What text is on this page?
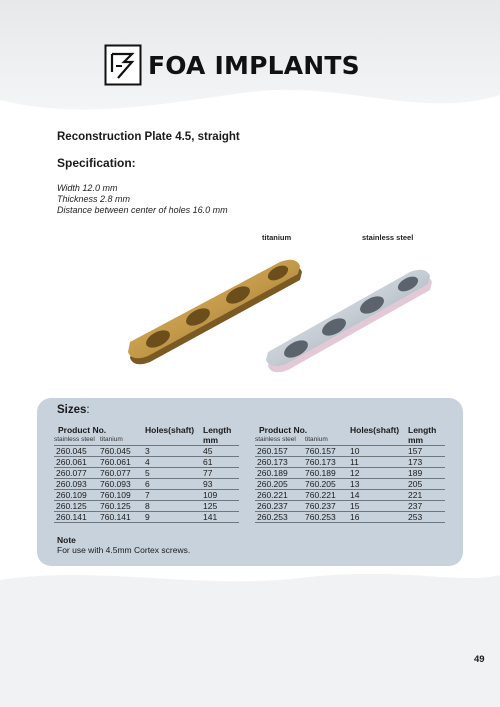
FOA IMPLANTS
Reconstruction Plate 4.5, straight
Specification:
Width 12.0 mm
Thickness 2.8 mm
Distance between center of holes 16.0 mm
titanium	stainless steel
Sizes:
Product No.		Holes(shaft)	Length
stainless steel	titanium		mm
260.045	760.045	3	45
260.061	760.061	4	61
260.077	760.077	5	77
260.093	760.093	6	93
260.109	760.109	7	109
260.125	760.125	8	125
260.141	760.141	9	141
Product No.		Holes(shaft)	Length
stainless steel	titanium		mm
260.157	760.157	10	157
260.173	760.173	11	173
260.189	760.189	12	189
260.205	760.205	13	205
260.221	760.221	14	221
260.237	760.237	15	237
260.253	760.253	16	253
Note
For use with 4.5mm Cortex screws.
49
